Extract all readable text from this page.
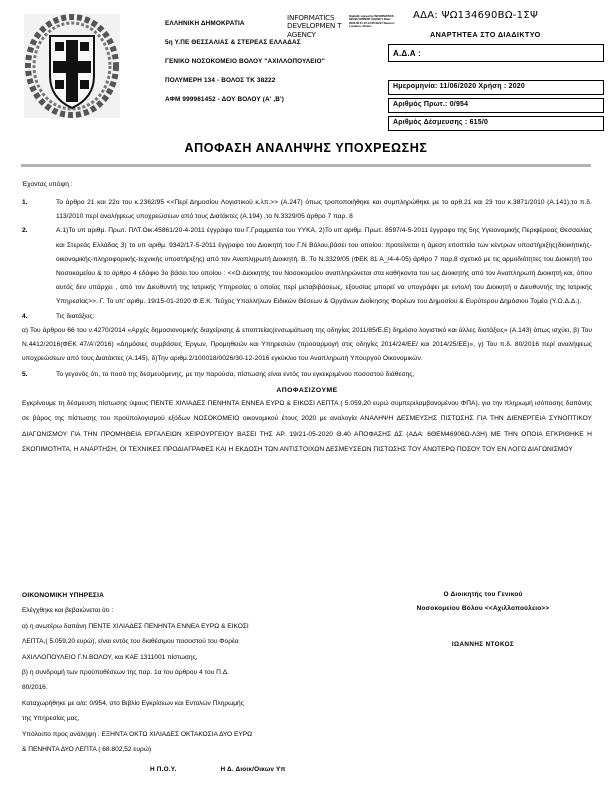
ΕΛΛΗΝΙΚΗ ΔΗΜΟΚΡΑΤΙΑ
5η Υ.ΠΕ ΘΕΣΣΑΛΙΑΣ & ΣΤΕΡΕΑΣ ΕΛΛΑΔΑΣ
ΓΕΝΙΚΟ ΝΟΣΟΚΟΜΕΙΟ ΒΟΛΟΥ "ΑΧΙΛΛΟΠΟΥΛΕΙΟ"
ΠΟΛΥΜΕΡΗ 134 - ΒΟΛΟΣ ΤΚ 38222
ΑΦΜ 999961452 - ΔΟΥ ΒΟΛΟΥ (Α' ,Β')
INFORMATICS DEVELOPMEN T AGENCY
Digitally signed by INFORMATICS DEVELOPMENT AGENCY Date: 2020.06.11 15:14:25 EEST Reason: Location: Athens
ΑΔΑ: ΨΩ134690ΒΩ-1ΣΨ
ΑΝΑΡΤΗΤΕΑ ΣΤΟ ΔΙΑΔΙΚΤΥΟ
Α.Δ.Α :
Ημερομηνία: 11/06/2020 Χρήση : 2020
Αριθμός Πρωτ.: 0/954
Αριθμός Δέσμευσης : 615/0
ΑΠΟΦΑΣΗ ΑΝΑΛΗΨΗΣ ΥΠΟΧΡΕΩΣΗΣ
Έχοντας υπόψη :
1.	Το άρθρο 21 και 22ο του κ.2362/95 <<Περί Δημοσίου Λογιστικού κ.λπ.>> (Α.247) όπως τροποποιήθηκε και συμπληρώθηκε με το αρθ.21 και 23 του κ.3871/2010 (Α.141),το π.δ. 113/2010 περί αναλήψεως υποχρεώσεων από τους Διατάκτες (Α.194) ,το Ν.3329/05 άρθρο 7 παρ. 8
2.	Α.1)Το υπ αριθμ. Πρωτ. ΠΛΤ.Οικ.45861/20-4-2011 έγγραφο του Γ.Γραμματέα του ΥΥΚΑ, 2)Το υπ αριθμ. Πρωτ. 8597/4-5-2011 έγγραφο της 5ης Υγειονομικής Περιφέρειας Θεσσαλίας και Στερεάς Ελλάδας 3) το υπ αριθμ. 9342/17-5-2011 έγγραφο του Διοικητή του Γ.Ν Βόλου,βάσει του οποίου: προτείνεται η άμεση εποπτεία των κέντρων υποστήριξης(διοικητικής-οικονομικής-πληροφορικής-τεχνικής υποστήριξης) από τον Αναπληρωτή Διοικητή. Β. Το Ν.3329/05 (ΦΕΚ 81 Α_/4-4-05) άρθρο 7 παρ.8 σχετικό με τις αρμοδιότητες του Διοικητή του Νοσοκομείου & το άρθρο 4 εδάφιο 3ο βάσει του οποίου : <<Ο Διοικητής του Νοσοκομείου αναπληρώνεται στα καθήκοντα του ως Διοικητής από τον Αναπληρωτή Διοικητή και, όπου αυτός δεν υπάρχει , από τον Διευθυντή της Ιατρικής Υπηρεσίας ο οποίος περί μεταβιβάσεως, εξουσίας μπορεί να υπογράφει με εντολή του Διοικητή ο Διευθυντής της Ιατρικής Υπηρεσίας>>. Γ. Το υπ' αριθμ. 19/15-01-2020 Φ.Ε.Κ. Τεύχος Υπαλλήλων Ειδικών Θέσεων & Οργάνων Διοίκησης Φορέων του Δημοσίου & Ευρύτερου Δημόσιου Τομέα (Υ.Ο.Δ.Δ.).
4.	Τις διατάξεις:
α) Του άρθρου 66 του ν.4270/2014 «Αρχές δημοσιονομικής διαχείρισης & εποπτείας(ενσωμάτωση της οδηγίας 2011/85/Ε.Ε) δημόσιο λογιστικό και άλλες διατάξεις» (Α.143) όπως ισχύει, β) Του Ν.4412/2016(ΦΕΚ 47/Α'/2016) «Δημόσιες συμβάσεις Έργων, Προμηθειών και Υπηρεσιών (προσαρμογή στις οδηγίες 2014/24/ΕΕ/ και 2014/25/ΕΕ)», γ) Του π.δ. 80/2016 περί αναλήψεως υποχρεώσεων από τους Διατάκτες (Α.145), δ)Την αριθμ.2/100018/0026/30-12-2016 εγκύκλιο του Αναπληρωτή Υπουργού Οικονομικών.
5.	Το γεγονός ότι, το ποσό της δεσμευόμενης, με την παρούσα, πίστωσης είναι εντός του εγκεκριμένου ποσοστού διάθεσης,
ΑΠΟΦΑΣΙΖΟΥΜΕ
Εγκρίνουμε τη δέσμευση πίστωσης ύψους ΠΕΝΤΕ ΧΙΛΙΑΔΕΣ ΠΕΝΗΝΤΑ ΕΝΝΕΑ ΕΥΡΩ & ΕΙΚΟΣΙ ΛΕΠΤΑ ( 5.059,20 ευρώ συμπεριλαμβανομένου ΦΠΑ), για την πληρωμή ισόποσης δαπάνης σε βάρος της πίστωσης του προϋπολογισμού εξόδων ΝΟΣΟΚΟΜΕΙΟ οικονομικού έτους 2020 με αναλογία ΑΝΑΛΗΨΗ ΔΕΣΜΕΥΣΗΣ ΠΙΣΤΩΣΗΣ ΓΙΑ ΤΗΝ ΔΙΕΝΕΡΓΕΙΑ ΣΥΝΟΠΤΙΚΟΥ ΔΙΑΓΩΝΙΣΜΟΥ ΓΙΑ ΤΗΝ ΠΡΟΜΗΘΕΙΑ ΕΡΓΑΛΕΙΩΝ ΧΕΙΡΟΥΡΓΕΙΟΥ ΒΑΣΕΙ ΤΗΣ ΑΡ. 19/21-05-2020 Θ.40 ΑΠΟΦΑΣΗΣ ΔΣ (ΑΔΑ: 6ΘΕΜ46906Ω-Λ3Η) ΜΕ ΤΗΝ ΟΠΟΙΑ ΕΓΚΡΙΘΗΚΕ Η ΣΚΟΠΙΜΟΤΗΤΑ, Η ΑΝΑΡΤΗΣΗ, ΟΙ ΤΕΧΝΙΚΕΣ ΠΡΟΔΙΑΓΡΑΦΕΣ ΚΑΙ Η ΕΚΔΟΣΗ ΤΩΝ ΑΝΤΙΣΤΟΙΧΩΝ ΔΕΣΜΕΥΣΕΩΝ ΠΙΣΤΩΣΗΣ ΤΟΥ ΑΝΩΤΕΡΩ ΠΟΣΟΥ ΤΟΥ ΕΝ ΛΟΓΩ ΔΙΑΓΩΝΙΣΜΟΥ
ΟΙΚΟΝΟΜΙΚΗ ΥΠΗΡΕΣΙΑ
Ελέγχθηκε και βεβαιώνεται ότι :
α) η ανωτέρω δαπάνη ΠΕΝΤΕ ΧΙΛΙΑΔΕΣ ΠΕΝΗΝΤΑ ΕΝΝΕΑ ΕΥΡΩ & ΕΙΚΟΣΙ
ΛΕΠΤΑ,( 5.059,20 ευρώ), είναι εντός του διαθέσιμου ποσοστού του Φορέα
ΑΧΙΛΛΟΠΟΥΛΕΙΟ Γ.Ν.ΒΟΛΟΥ, και ΚΑΕ 1311001 πίστωσης,
β) η συνδρομή των προϋποθέσεων της παρ. 1α του άρθρου 4 του Π.Δ.
80/2016.
Καταχωρήθηκε με α/α: 0/954, στο Βιβλίο Εγκρίσεων και Εντολών Πληρωμής
της Υπηρεσίας μας,
Υπόλοιπο προς ανάληψη : ΕΞΗΝΤΑ ΟΚΤΩ ΧΙΛΙΑΔΕΣ ΟΚΤΑΚΟΣΙΑ ΔΥΟ ΕΥΡΩ
& ΠΕΝΗΝΤΑ ΔΥΟ ΛΕΠΤΑ ( 68.802,52 ευρώ)
Ο Διοικητής του Γενικού
Νοσοκομείου Βόλου <<Αχιλλοπούλειο>>
ΙΩΑΝΝΗΣ ΝΤΟΚΟΣ
Η Π.Ο.Υ.	Η Δ. Διοικ/Οικων Υπ
